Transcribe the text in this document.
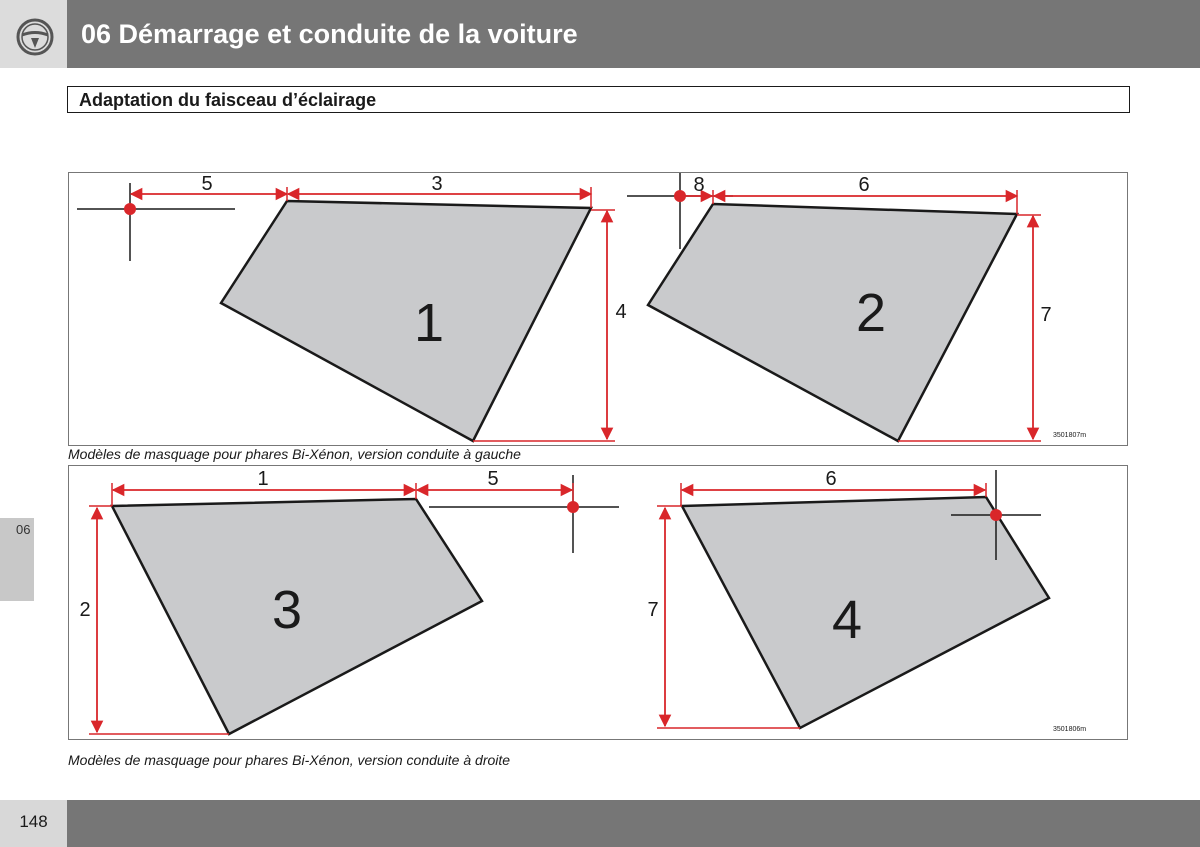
06 Démarrage et conduite de la voiture
Adaptation du faisceau d’éclairage
1
5	3
4	2
8	6
7
3501807m
Modèles de masquage pour phares Bi-Xénon, version conduite à gauche
3
1	5
2	4
6
7
3501806m
Modèles de masquage pour phares Bi-Xénon, version conduite à droite
06
148
